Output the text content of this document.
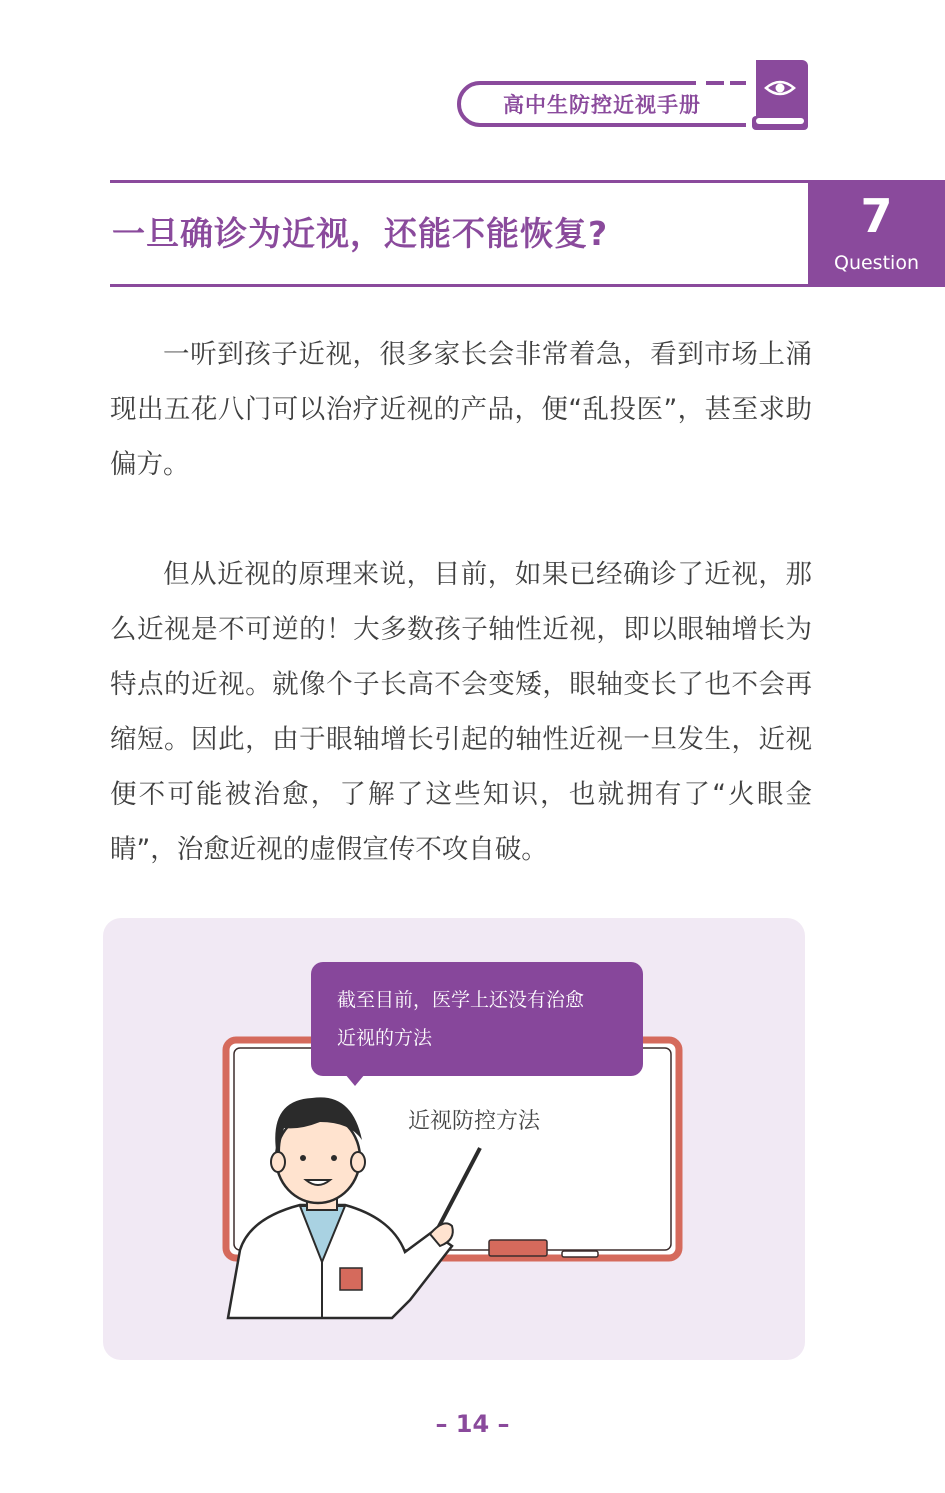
高中生防控近视手册
一旦确诊为近视，还能不能恢复?	7
Question

一听到孩子近视，很多家长会非常着急，看到市场上涌现出五花八门可以治疗近视的产品，便“乱投医”，甚至求助偏方。

但从近视的原理来说，目前，如果已经确诊了近视，那么近视是不可逆的！大多数孩子轴性近视，即以眼轴增长为特点的近视。就像个子长高不会变矮，眼轴变长了也不会再缩短。因此，由于眼轴增长引起的轴性近视一旦发生，近视便不可能被治愈，了解了这些知识，也就拥有了“火眼金睛”，治愈近视的虚假宣传不攻自破。

截至目前，医学上还没有治愈
近视的方法
近视防控方法
– 14 –
